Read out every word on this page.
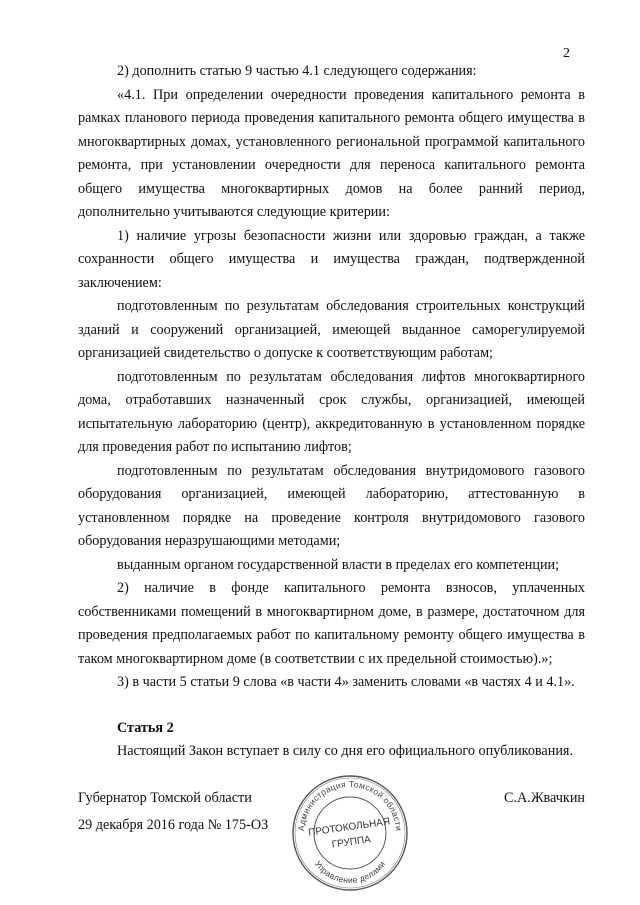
2

2) дополнить статью 9 частью 4.1 следующего содержания:

«4.1. При определении очередности проведения капитального ремонта в рамках планового периода проведения капитального ремонта общего имущества в многоквартирных домах, установленного региональной программой капитального ремонта, при установлении очередности для переноса капитального ремонта общего имущества многоквартирных домов на более ранний период, дополнительно учитываются следующие критерии:

1) наличие угрозы безопасности жизни или здоровью граждан, а также сохранности общего имущества и имущества граждан, подтвержденной заключением:

подготовленным по результатам обследования строительных конструкций зданий и сооружений организацией, имеющей выданное саморегулируемой организацией свидетельство о допуске к соответствующим работам;

подготовленным по результатам обследования лифтов многоквартирного дома, отработавших назначенный срок службы, организацией, имеющей испытательную лабораторию (центр), аккредитованную в установленном порядке для проведения работ по испытанию лифтов;

подготовленным по результатам обследования внутридомового газового оборудования организацией, имеющей лабораторию, аттестованную в установленном порядке на проведение контроля внутридомового газового оборудования неразрушающими методами;

выданным органом государственной власти в пределах его компетенции;

2) наличие в фонде капитального ремонта взносов, уплаченных собственниками помещений в многоквартирном доме, в размере, достаточном для проведения предполагаемых работ по капитальному ремонту общего имущества в таком многоквартирном доме (в соответствии с их предельной стоимостью).»;

3) в части 5 статьи 9 слова «в части 4» заменить словами «в частях 4 и 4.1».

Статья 2

Настоящий Закон вступает в силу со дня его официального опубликования.

Губернатор Томской области	С.А.Жвачкин
29 декабря 2016 года № 175-ОЗ	Администрация Томской области
Управление делами
ПРОТОКОЛЬНАЯ
ГРУППА
